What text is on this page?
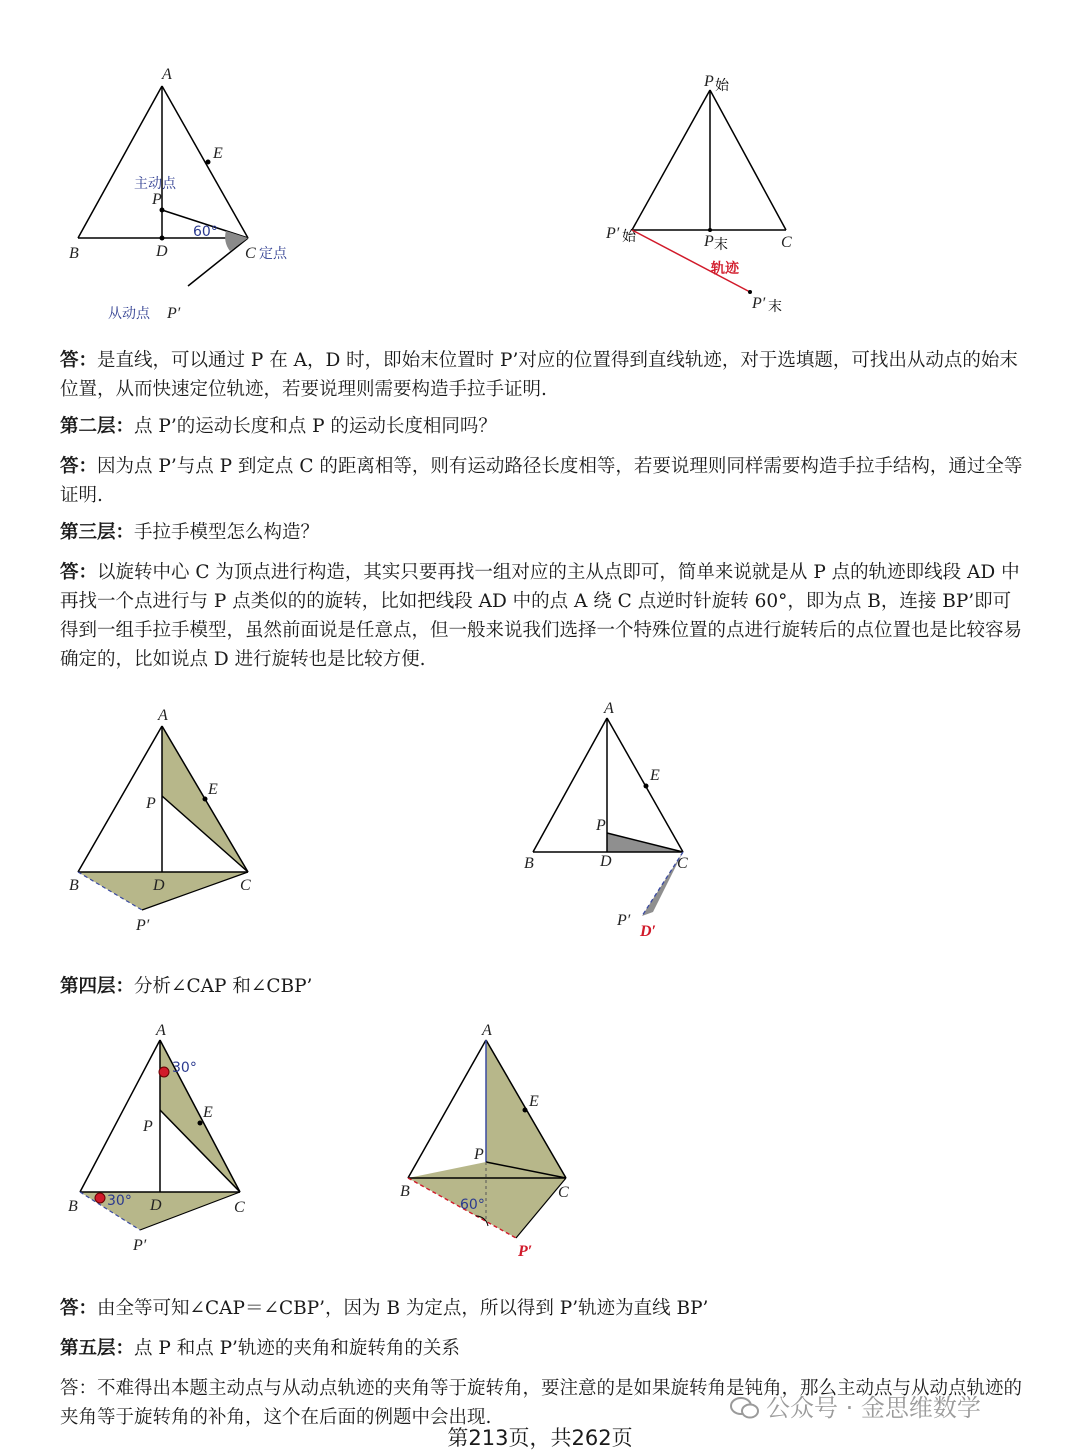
A
E
主动点
P
60°
B	D	C 定点
从动点 P′
P 始
P′ 始	P 末	C
轨迹
P′ 末

答：是直线，可以通过 P 在 A，D 时，即始末位置时 P’对应的位置得到直线轨迹，对于选填题，可找出从动点的始末位置，从而快速定位轨迹，若要说理则需要构造手拉手证明.

第二层：点 P’的运动长度和点 P 的运动长度相同吗？

答：因为点 P’与点 P 到定点 C 的距离相等，则有运动路径长度相等，若要说理则同样需要构造手拉手结构，通过全等证明.

第三层：手拉手模型怎么构造？

答：以旋转中心 C 为顶点进行构造，其实只要再找一组对应的主从点即可，简单来说就是从 P 点的轨迹即线段 AD 中再找一个点进行与 P 点类似的的旋转，比如把线段 AD 中的点 A 绕 C 点逆时针旋转 60°，即为点 B，连接 BP’即可得到一组手拉手模型，虽然前面说是任意点，但一般来说我们选择一个特殊位置的点进行旋转后的点位置也是比较容易确定的，比如说点 D 进行旋转也是比较方便.

A
E
P
B	D	C
P′
A
E
P
B	D	C
P′
D′

第四层：分析∠CAP 和∠CBP’

A
30°
E
P
B 30° D	C
P′
A
E
P
B	C
60°
P′

答：由全等可知∠CAP＝∠CBP’，因为 B 为定点，所以得到 P’轨迹为直线 BP’

第五层：点 P 和点 P’轨迹的夹角和旋转角的关系

答：不难得出本题主动点与从动点轨迹的夹角等于旋转角，要注意的是如果旋转角是钝角，那么主动点与从动点轨迹的夹角等于旋转角的补角，这个在后面的例题中会出现.	公众号 · 金思维数学
第213页，共262页
